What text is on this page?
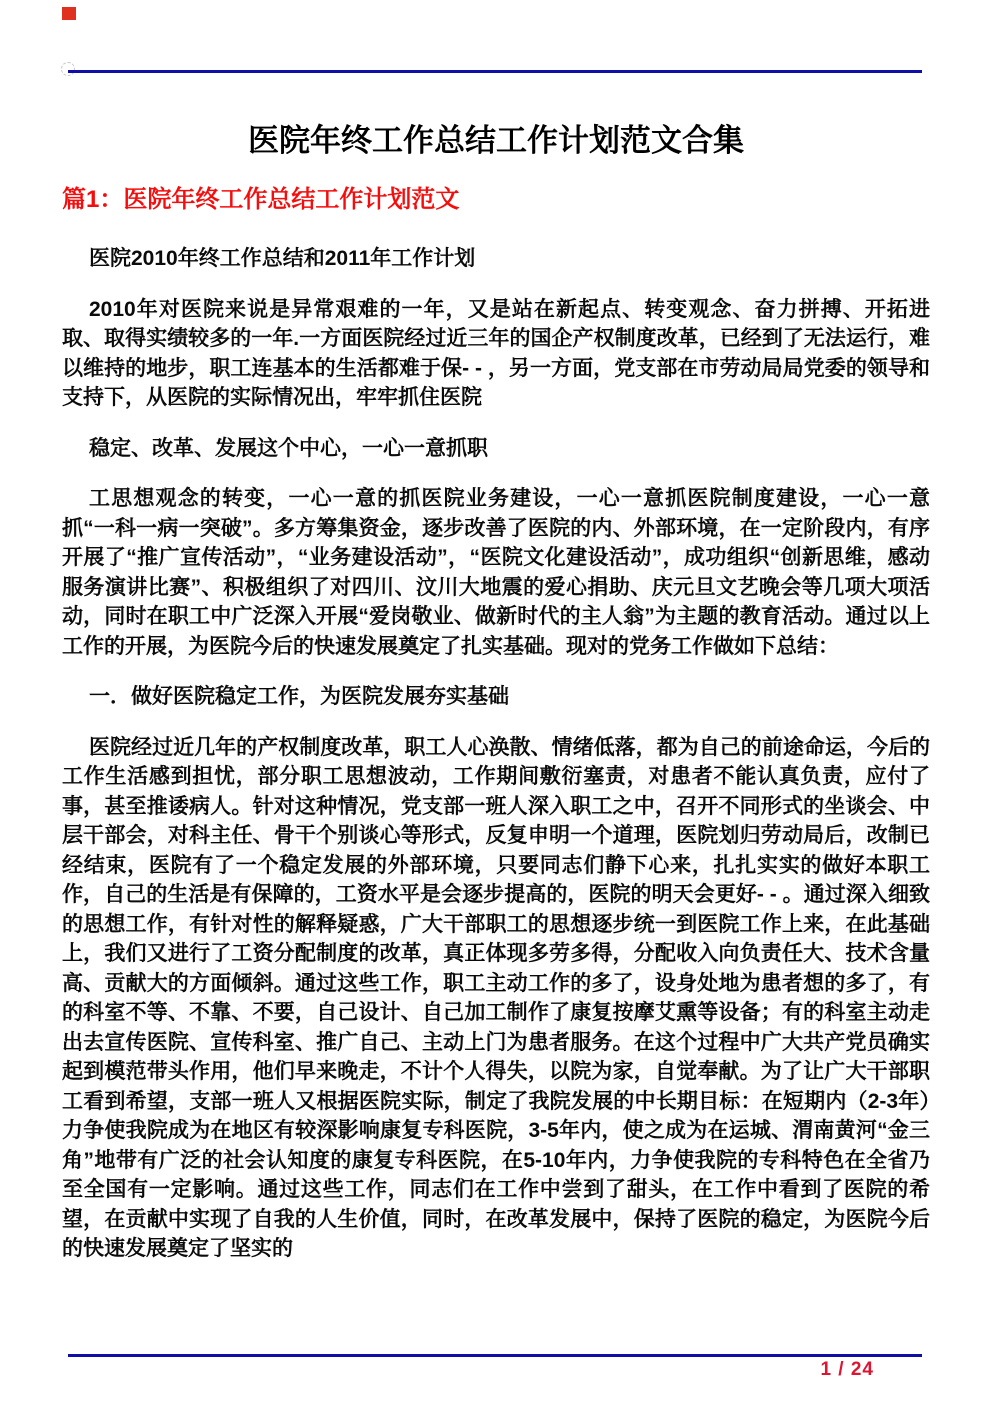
医院年终工作总结工作计划范文合集
篇1：医院年终工作总结工作计划范文

医院2010年终工作总结和2011年工作计划

2010年对医院来说是异常艰难的一年，又是站在新起点、转变观念、奋力拼搏、开拓进取、取得实绩较多的一年.一方面医院经过近三年的国企产权制度改革，已经到了无法运行，难以维持的地步，职工连基本的生活都难于保- - ，另一方面，党支部在市劳动局局党委的领导和支持下，从医院的实际情况出，牢牢抓住医院

稳定、改革、发展这个中心，一心一意抓职

工思想观念的转变，一心一意的抓医院业务建设，一心一意抓医院制度建设，一心一意抓“一科一病一突破”。多方筹集资金，逐步改善了医院的内、外部环境，在一定阶段内，有序开展了“推广宣传活动”，“业务建设活动”，“医院文化建设活动”，成功组织“创新思维，感动服务演讲比赛”、积极组织了对四川、汶川大地震的爱心捐助、庆元旦文艺晚会等几项大项活动，同时在职工中广泛深入开展“爱岗敬业、做新时代的主人翁”为主题的教育活动。通过以上工作的开展，为医院今后的快速发展奠定了扎实基础。现对的党务工作做如下总结：

一．做好医院稳定工作，为医院发展夯实基础

医院经过近几年的产权制度改革，职工人心涣散、情绪低落，都为自己的前途命运，今后的工作生活感到担忧，部分职工思想波动，工作期间敷衍塞责，对患者不能认真负责，应付了事，甚至推诿病人。针对这种情况，党支部一班人深入职工之中，召开不同形式的坐谈会、中层干部会，对科主任、骨干个别谈心等形式，反复申明一个道理，医院划归劳动局后，改制已经结束，医院有了一个稳定发展的外部环境，只要同志们静下心来，扎扎实实的做好本职工作，自己的生活是有保障的，工资水平是会逐步提高的，医院的明天会更好- - 。通过深入细致的思想工作，有针对性的解释疑惑，广大干部职工的思想逐步统一到医院工作上来，在此基础上，我们又进行了工资分配制度的改革，真正体现多劳多得，分配收入向负责任大、技术含量高、贡献大的方面倾斜。通过这些工作，职工主动工作的多了，设身处地为患者想的多了，有的科室不等、不靠、不要，自己设计、自己加工制作了康复按摩艾熏等设备；有的科室主动走出去宣传医院、宣传科室、推广自己、主动上门为患者服务。在这个过程中广大共产党员确实起到模范带头作用，他们早来晚走，不计个人得失，以院为家，自觉奉献。为了让广大干部职工看到希望，支部一班人又根据医院实际，制定了我院发展的中长期目标：在短期内（2-3年）力争使我院成为在地区有较深影响康复专科医院，3-5年内，使之成为在运城、渭南黄河“金三角”地带有广泛的社会认知度的康复专科医院，在5-10年内，力争使我院的专科特色在全省乃至全国有一定影响。通过这些工作，同志们在工作中尝到了甜头，在工作中看到了医院的希望，在贡献中实现了自我的人生价值，同时，在改革发展中，保持了医院的稳定，为医院今后的快速发展奠定了坚实的

1 / 24
